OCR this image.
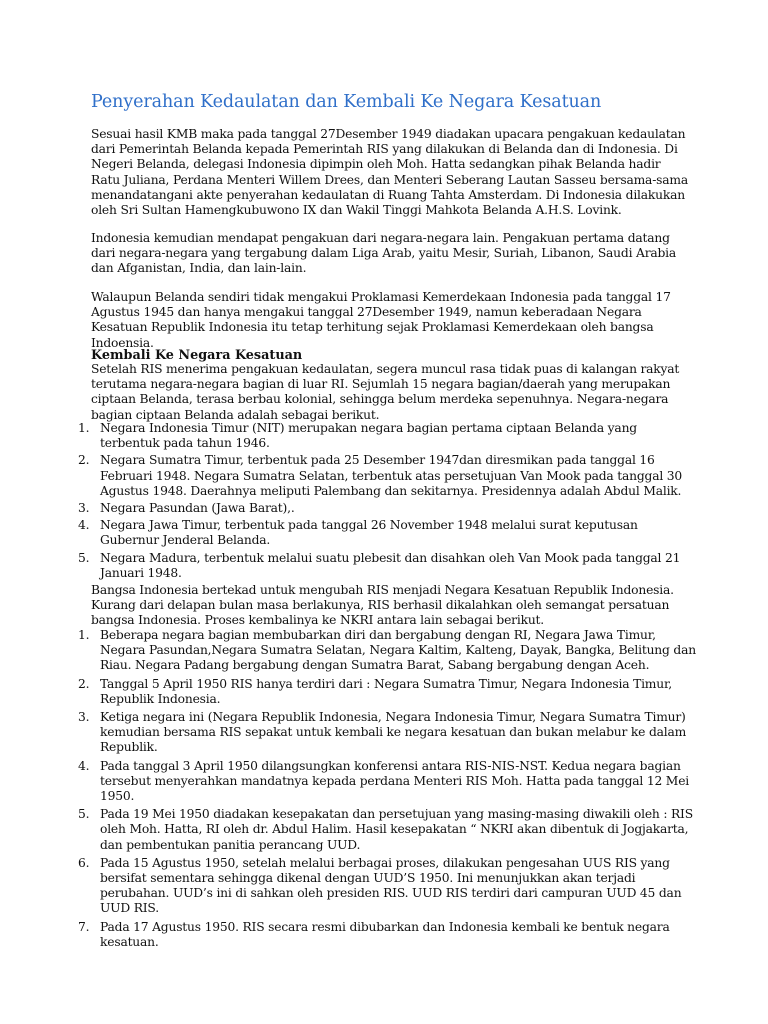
Penyerahan Kedaulatan dan Kembali Ke Negara Kesatuan

Sesuai hasil KMB maka pada tanggal 27Desember 1949 diadakan upacara pengakuan kedaulatan dari Pemerintah Belanda kepada Pemerintah RIS yang dilakukan di Belanda dan di Indonesia. Di Negeri Belanda, delegasi Indonesia dipimpin oleh Moh. Hatta sedangkan pihak Belanda hadir Ratu Juliana, Perdana Menteri Willem Drees, dan Menteri Seberang Lautan Sasseu bersama-sama menandatangani akte penyerahan kedaulatan di Ruang Tahta Amsterdam. Di Indonesia dilakukan oleh Sri Sultan Hamengkubuwono IX dan Wakil Tinggi Mahkota Belanda A.H.S. Lovink.

Indonesia kemudian mendapat pengakuan dari negara-negara lain. Pengakuan pertama datang dari negara-negara yang tergabung dalam Liga Arab, yaitu Mesir, Suriah, Libanon, Saudi Arabia dan Afganistan, India, dan lain-lain.

Walaupun Belanda sendiri tidak mengakui Proklamasi Kemerdekaan Indonesia pada tanggal 17 Agustus 1945 dan hanya mengakui tanggal 27Desember 1949, namun keberadaan Negara Kesatuan Republik Indonesia itu tetap terhitung sejak Proklamasi Kemerdekaan oleh bangsa Indoensia.

Kembali Ke Negara Kesatuan

Setelah RIS menerima pengakuan kedaulatan, segera muncul rasa tidak puas di kalangan rakyat terutama negara-negara bagian di luar RI. Sejumlah 15 negara bagian/daerah yang merupakan ciptaan Belanda, terasa berbau kolonial, sehingga belum merdeka sepenuhnya. Negara-negara bagian ciptaan Belanda adalah sebagai berikut.

1. Negara Indonesia Timur (NIT) merupakan negara bagian pertama ciptaan Belanda yang terbentuk pada tahun 1946.
2. Negara Sumatra Timur, terbentuk pada 25 Desember 1947dan diresmikan pada tanggal 16 Februari 1948. Negara Sumatra Selatan, terbentuk atas persetujuan Van Mook pada tanggal 30 Agustus 1948. Daerahnya meliputi Palembang dan sekitarnya. Presidennya adalah Abdul Malik.
3. Negara Pasundan (Jawa Barat),.
4. Negara Jawa Timur, terbentuk pada tanggal 26 November 1948 melalui surat keputusan Gubernur Jenderal Belanda.
5. Negara Madura, terbentuk melalui suatu plebesit dan disahkan oleh Van Mook pada tanggal 21 Januari 1948.

Bangsa Indonesia bertekad untuk mengubah RIS menjadi Negara Kesatuan Republik Indonesia. Kurang dari delapan bulan masa berlakunya, RIS berhasil dikalahkan oleh semangat persatuan bangsa Indonesia. Proses kembalinya ke NKRI antara lain sebagai berikut.

1. Beberapa negara bagian membubarkan diri dan bergabung dengan RI, Negara Jawa Timur, Negara Pasundan,Negara Sumatra Selatan, Negara Kaltim, Kalteng, Dayak, Bangka, Belitung dan Riau. Negara Padang bergabung dengan Sumatra Barat, Sabang bergabung dengan Aceh.
2. Tanggal 5 April 1950 RIS hanya terdiri dari : Negara Sumatra Timur, Negara Indonesia Timur, Republik Indonesia.
3. Ketiga negara ini (Negara Republik Indonesia, Negara Indonesia Timur, Negara Sumatra Timur) kemudian bersama RIS sepakat untuk kembali ke negara kesatuan dan bukan melabur ke dalam Republik.
4. Pada tanggal 3 April 1950 dilangsungkan konferensi antara RIS-NIS-NST. Kedua negara bagian tersebut menyerahkan mandatnya kepada perdana Menteri RIS Moh. Hatta pada tanggal 12 Mei 1950.
5. Pada 19 Mei 1950 diadakan kesepakatan dan persetujuan yang masing-masing diwakili oleh : RIS oleh Moh. Hatta, RI oleh dr. Abdul Halim. Hasil kesepakatan “ NKRI akan dibentuk di Jogjakarta, dan pembentukan panitia perancang UUD.
6. Pada 15 Agustus 1950, setelah melalui berbagai proses, dilakukan pengesahan UUS RIS yang bersifat sementara sehingga dikenal dengan UUD’S 1950. Ini menunjukkan akan terjadi perubahan. UUD’s ini di sahkan oleh presiden RIS. UUD RIS terdiri dari campuran UUD 45 dan UUD RIS.
7. Pada 17 Agustus 1950. RIS secara resmi dibubarkan dan Indonesia kembali ke bentuk negara kesatuan.
